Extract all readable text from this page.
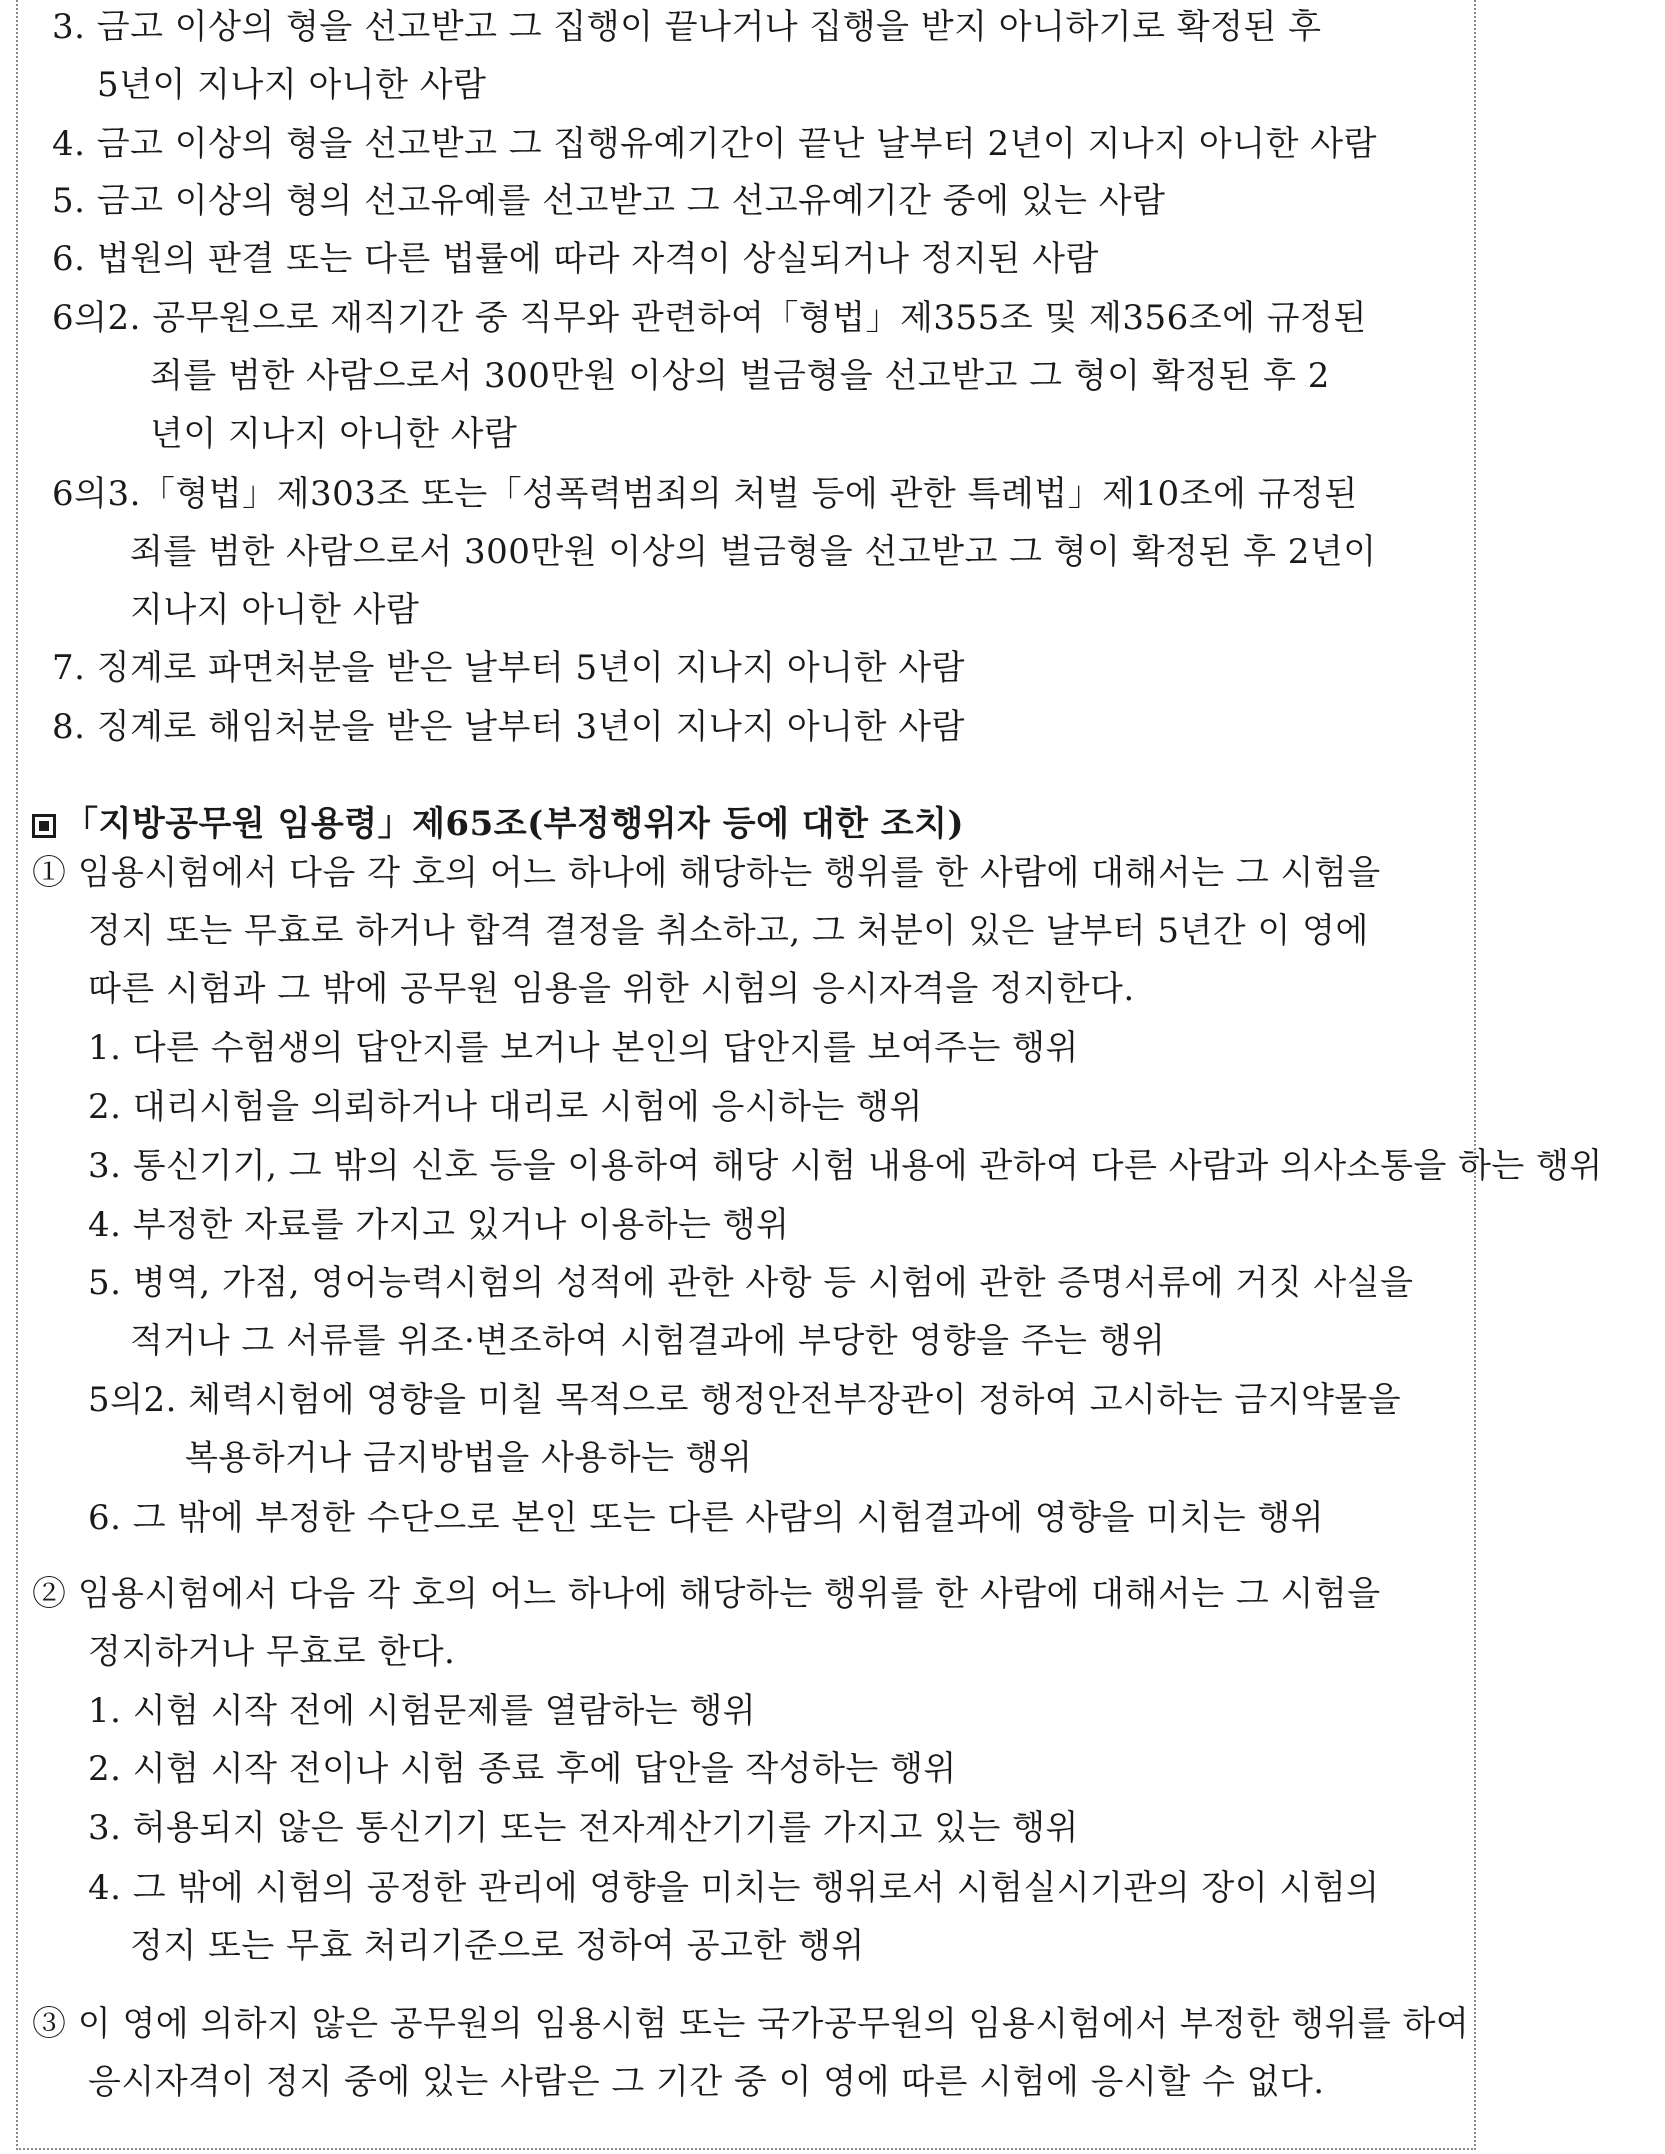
3. 금고 이상의 형을 선고받고 그 집행이 끝나거나 집행을 받지 아니하기로 확정된 후
5년이 지나지 아니한 사람
4. 금고 이상의 형을 선고받고 그 집행유예기간이 끝난 날부터 2년이 지나지 아니한 사람
5. 금고 이상의 형의 선고유예를 선고받고 그 선고유예기간 중에 있는 사람
6. 법원의 판결 또는 다른 법률에 따라 자격이 상실되거나 정지된 사람
6의2. 공무원으로 재직기간 중 직무와 관련하여「형법」제355조 및 제356조에 규정된
죄를 범한 사람으로서 300만원 이상의 벌금형을 선고받고 그 형이 확정된 후 2
년이 지나지 아니한 사람
6의3.「형법」제303조 또는「성폭력범죄의 처벌 등에 관한 특례법」제10조에 규정된
죄를 범한 사람으로서 300만원 이상의 벌금형을 선고받고 그 형이 확정된 후 2년이
지나지 아니한 사람
7. 징계로 파면처분을 받은 날부터 5년이 지나지 아니한 사람
8. 징계로 해임처분을 받은 날부터 3년이 지나지 아니한 사람
「지방공무원 임용령」제65조(부정행위자 등에 대한 조치)
① 임용시험에서 다음 각 호의 어느 하나에 해당하는 행위를 한 사람에 대해서는 그 시험을
정지 또는 무효로 하거나 합격 결정을 취소하고, 그 처분이 있은 날부터 5년간 이 영에
따른 시험과 그 밖에 공무원 임용을 위한 시험의 응시자격을 정지한다.
1. 다른 수험생의 답안지를 보거나 본인의 답안지를 보여주는 행위
2. 대리시험을 의뢰하거나 대리로 시험에 응시하는 행위
3. 통신기기, 그 밖의 신호 등을 이용하여 해당 시험 내용에 관하여 다른 사람과 의사소통을 하는 행위
4. 부정한 자료를 가지고 있거나 이용하는 행위
5. 병역, 가점, 영어능력시험의 성적에 관한 사항 등 시험에 관한 증명서류에 거짓 사실을
적거나 그 서류를 위조·변조하여 시험결과에 부당한 영향을 주는 행위
5의2. 체력시험에 영향을 미칠 목적으로 행정안전부장관이 정하여 고시하는 금지약물을
복용하거나 금지방법을 사용하는 행위
6. 그 밖에 부정한 수단으로 본인 또는 다른 사람의 시험결과에 영향을 미치는 행위
② 임용시험에서 다음 각 호의 어느 하나에 해당하는 행위를 한 사람에 대해서는 그 시험을
정지하거나 무효로 한다.
1. 시험 시작 전에 시험문제를 열람하는 행위
2. 시험 시작 전이나 시험 종료 후에 답안을 작성하는 행위
3. 허용되지 않은 통신기기 또는 전자계산기기를 가지고 있는 행위
4. 그 밖에 시험의 공정한 관리에 영향을 미치는 행위로서 시험실시기관의 장이 시험의
정지 또는 무효 처리기준으로 정하여 공고한 행위
③ 이 영에 의하지 않은 공무원의 임용시험 또는 국가공무원의 임용시험에서 부정한 행위를 하여
응시자격이 정지 중에 있는 사람은 그 기간 중 이 영에 따른 시험에 응시할 수 없다.
